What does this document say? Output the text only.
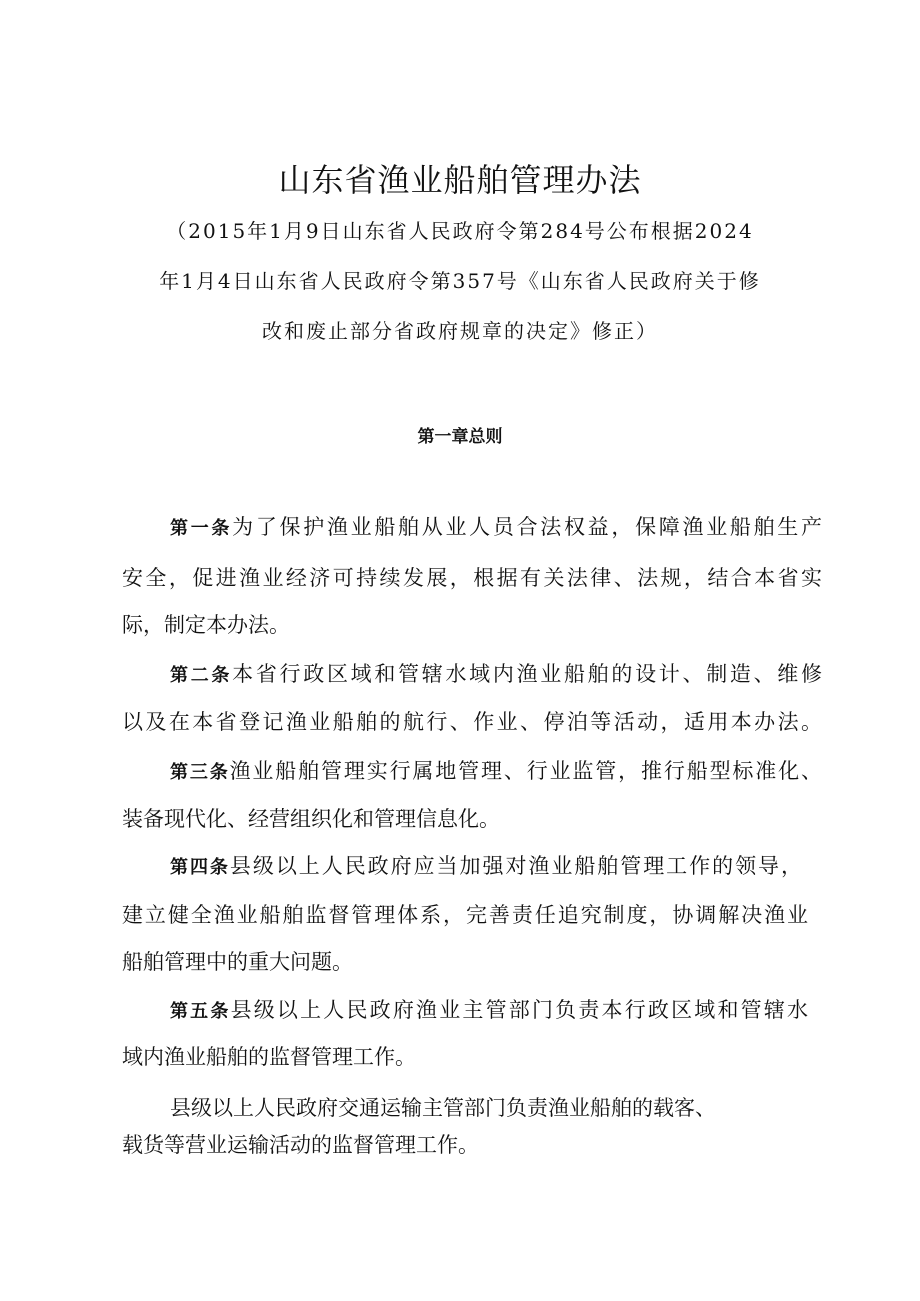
山东省渔业船舶管理办法
（2015年1月9日山东省人民政府令第284号公布根据2024
年1月4日山东省人民政府令第357号《山东省人民政府关于修
改和废止部分省政府规章的决定》修正）
第一章总则
第一条为了保护渔业船舶从业人员合法权益，保障渔业船舶生产
安全，促进渔业经济可持续发展，根据有关法律、法规，结合本省实
际，制定本办法。
第二条本省行政区域和管辖水域内渔业船舶的设计、制造、维修
以及在本省登记渔业船舶的航行、作业、停泊等活动，适用本办法。
第三条渔业船舶管理实行属地管理、行业监管，推行船型标准化、
装备现代化、经营组织化和管理信息化。
第四条县级以上人民政府应当加强对渔业船舶管理工作的领导，
建立健全渔业船舶监督管理体系，完善责任追究制度，协调解决渔业
船舶管理中的重大问题。
第五条县级以上人民政府渔业主管部门负责本行政区域和管辖水
域内渔业船舶的监督管理工作。
县级以上人民政府交通运输主管部门负责渔业船舶的载客、
载货等营业运输活动的监督管理工作。
